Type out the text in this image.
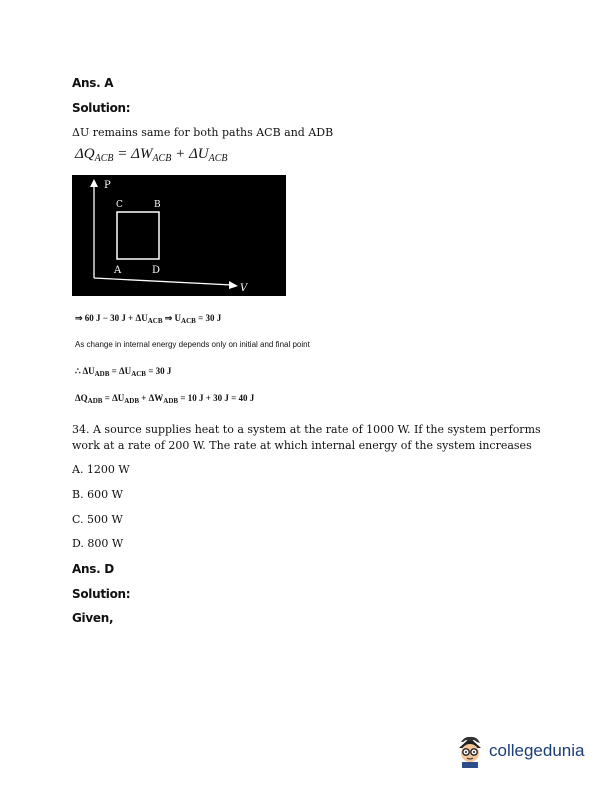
Ans. A
Solution:
ΔU remains same for both paths ACB and ADB
$\Delta Q_{ACB} = \Delta W_{ACB} + \Delta U_{ACB}$
P
V
C	B
A	D
⇒ 60 J − 30 $J + \Delta U_{ACB}$ ⇒ $U_{ACB} = 30$ J
As change in internal energy depends only on initial and final point
∴ $\Delta U_{ADB} = \Delta U_{ACB} = 30$ J
$\Delta Q_{ADB} = \Delta U_{ADB} + \Delta W_{ADB} = 10$ J + 30 J = 40 J
34. A source supplies heat to a system at the rate of 1000 W. If the system performs work at a rate of 200 W. The rate at which internal energy of the system increases
A. 1200 W
B. 600 W
C. 500 W
D. 800 W
Ans. D
Solution:
Given,
collegedunia
